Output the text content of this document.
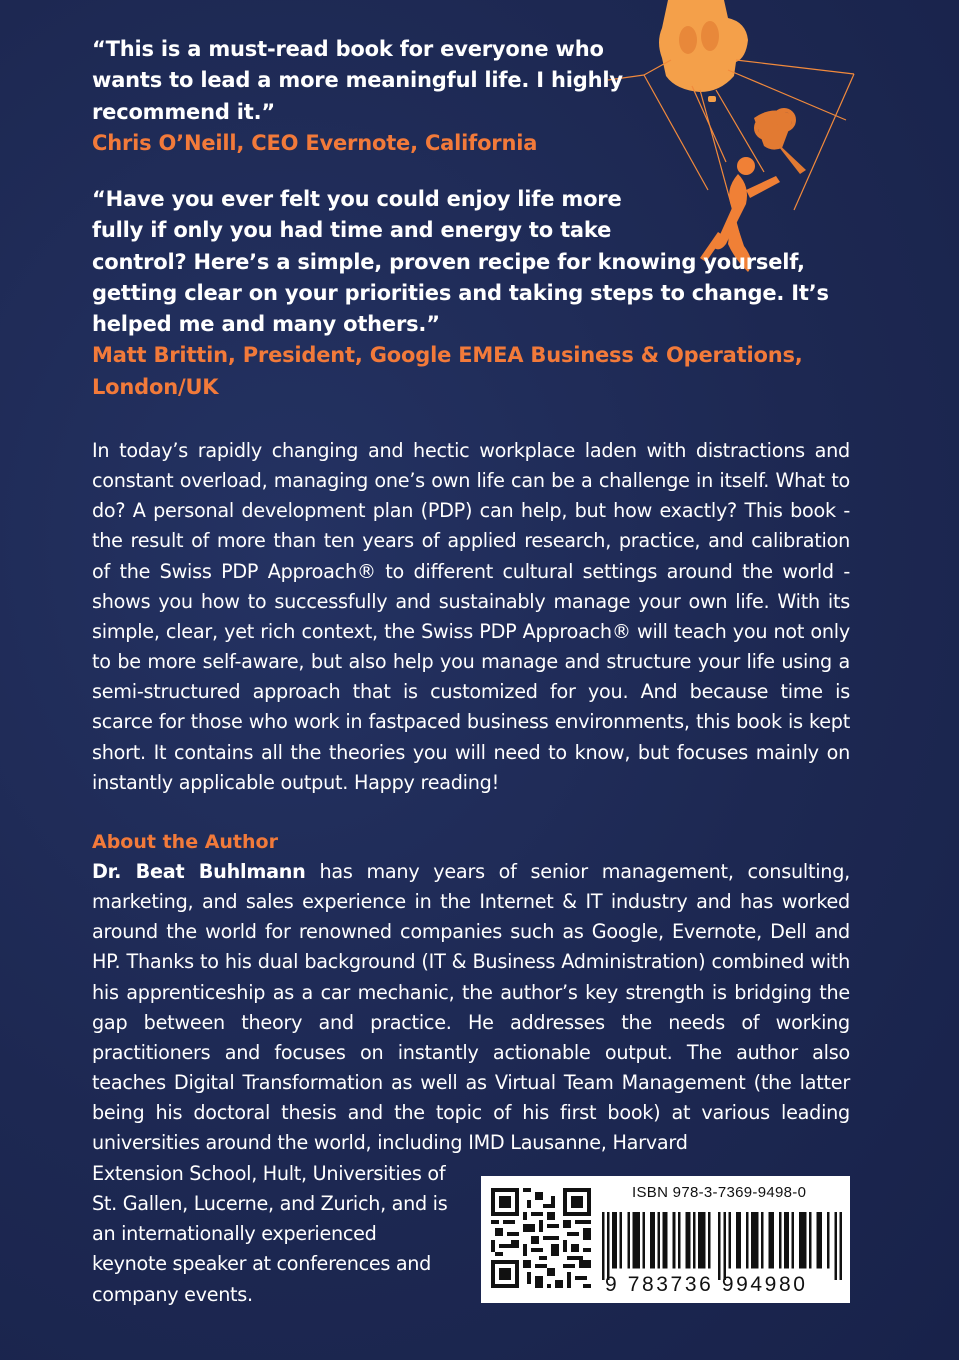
“This is a must-read book for everyone who
wants to lead a more meaningful life. I highly
recommend it.”
Chris O’Neill, CEO Evernote, California
“Have you ever felt you could enjoy life more
fully if only you had time and energy to take
control? Here’s a simple, proven recipe for knowing yourself,
getting clear on your priorities and taking steps to change. It’s
helped me and many others.”
Matt Brittin, President, Google EMEA Business & Operations,
London/UK

In today’s rapidly changing and hectic workplace laden with distractions and constant overload, managing one’s own life can be a challenge in itself. What to do? A personal development plan (PDP) can help, but how exactly? This book - the result of more than ten years of applied research, practice, and calibration of the Swiss PDP Approach® to different cultural settings around the world - shows you how to successfully and sustainably manage your own life. With its simple, clear, yet rich context, the Swiss PDP Approach® will teach you not only to be more self-aware, but also help you manage and structure your life using a semi-structured approach that is customized for you. And because time is scarce for those who work in fastpaced business environments, this book is kept short. It contains all the theories you will need to know, but focuses mainly on instantly applicable output. Happy reading!

About the Author

Dr. Beat Buhlmann has many years of senior management, consulting, marketing, and sales experience in the Internet & IT industry and has worked around the world for renowned companies such as Google, Evernote, Dell and HP. Thanks to his dual background (IT & Business Administration) combined with his apprenticeship as a car mechanic, the author’s key strength is bridging the gap between theory and practice. He addresses the needs of working practitioners and focuses on instantly actionable output. The author also teaches Digital Transformation as well as Virtual Team Management (the latter being his doctoral thesis and the topic of his first book) at various leading universities around the world, including IMD Lausanne, Harvard

Extension School, Hult, Universities of St. Gallen, Lucerne, and Zurich, and is an internationally experienced keynote speaker at conferences and company events.

ISBN 978-3-7369-9498-0
9 783736 994980
